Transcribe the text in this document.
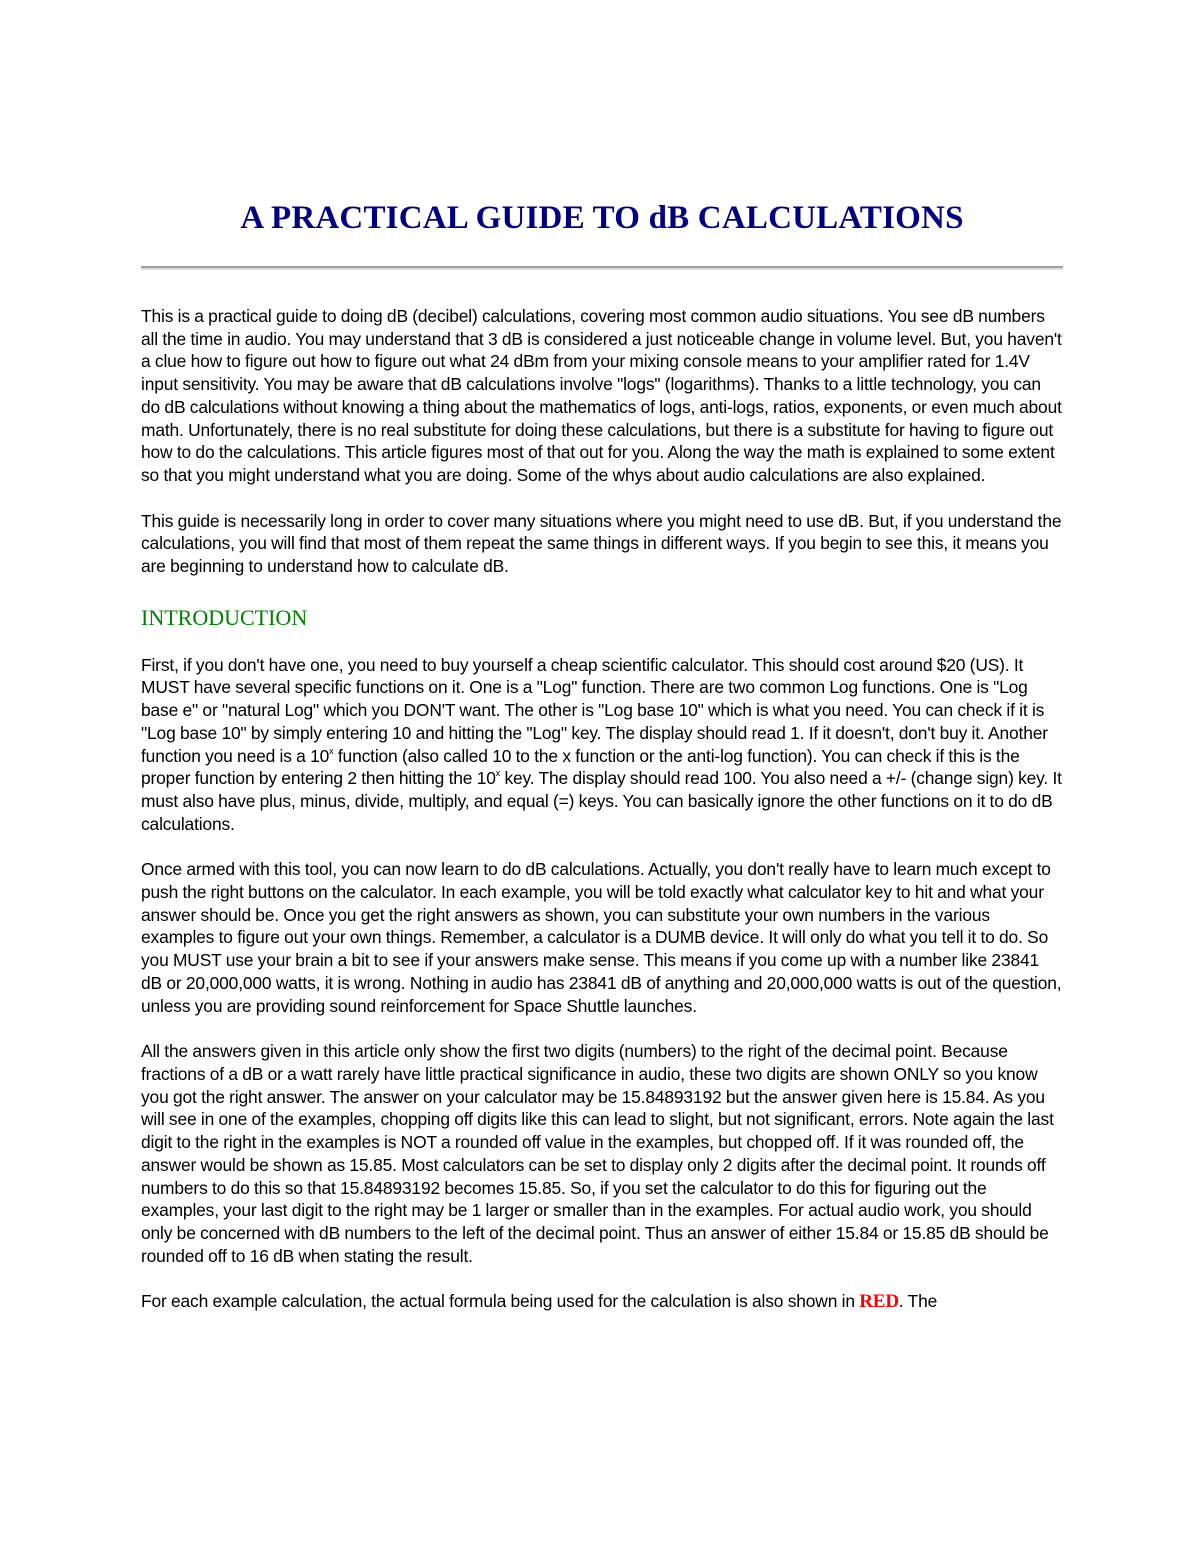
A PRACTICAL GUIDE TO dB CALCULATIONS

This is a practical guide to doing dB (decibel) calculations, covering most common audio situations. You see dB numbers all the time in audio. You may understand that 3 dB is considered a just noticeable change in volume level. But, you haven't a clue how to figure out how to figure out what 24 dBm from your mixing console means to your amplifier rated for 1.4V input sensitivity. You may be aware that dB calculations involve "logs" (logarithms). Thanks to a little technology, you can do dB calculations without knowing a thing about the mathematics of logs, anti-logs, ratios, exponents, or even much about math. Unfortunately, there is no real substitute for doing these calculations, but there is a substitute for having to figure out how to do the calculations. This article figures most of that out for you. Along the way the math is explained to some extent so that you might understand what you are doing. Some of the whys about audio calculations are also explained.

This guide is necessarily long in order to cover many situations where you might need to use dB. But, if you understand the calculations, you will find that most of them repeat the same things in different ways. If you begin to see this, it means you are beginning to understand how to calculate dB.

INTRODUCTION

First, if you don't have one, you need to buy yourself a cheap scientific calculator. This should cost around $20 (US). It MUST have several specific functions on it. One is a "Log" function. There are two common Log functions. One is "Log base e" or "natural Log" which you DON'T want. The other is "Log base 10" which is what you need. You can check if it is "Log base 10" by simply entering 10 and hitting the "Log" key. The display should read 1. If it doesn't, don't buy it. Another function you need is a 10$^x$ function (also called 10 to the x function or the anti-log function). You can check if this is the proper function by entering 2 then hitting the 10$^x$ key. The display should read 100. You also need a +/- (change sign) key. It must also have plus, minus, divide, multiply, and equal (=) keys. You can basically ignore the other functions on it to do dB calculations.

Once armed with this tool, you can now learn to do dB calculations. Actually, you don't really have to learn much except to push the right buttons on the calculator. In each example, you will be told exactly what calculator key to hit and what your answer should be. Once you get the right answers as shown, you can substitute your own numbers in the various examples to figure out your own things. Remember, a calculator is a DUMB device. It will only do what you tell it to do. So you MUST use your brain a bit to see if your answers make sense. This means if you come up with a number like 23841 dB or 20,000,000 watts, it is wrong. Nothing in audio has 23841 dB of anything and 20,000,000 watts is out of the question, unless you are providing sound reinforcement for Space Shuttle launches.

All the answers given in this article only show the first two digits (numbers) to the right of the decimal point. Because fractions of a dB or a watt rarely have little practical significance in audio, these two digits are shown ONLY so you know you got the right answer. The answer on your calculator may be 15.84893192 but the answer given here is 15.84. As you will see in one of the examples, chopping off digits like this can lead to slight, but not significant, errors. Note again the last digit to the right in the examples is NOT a rounded off value in the examples, but chopped off. If it was rounded off, the answer would be shown as 15.85. Most calculators can be set to display only 2 digits after the decimal point. It rounds off numbers to do this so that 15.84893192 becomes 15.85. So, if you set the calculator to do this for figuring out the examples, your last digit to the right may be 1 larger or smaller than in the examples. For actual audio work, you should only be concerned with dB numbers to the left of the decimal point. Thus an answer of either 15.84 or 15.85 dB should be rounded off to 16 dB when stating the result.

For each example calculation, the actual formula being used for the calculation is also shown in RED. The
